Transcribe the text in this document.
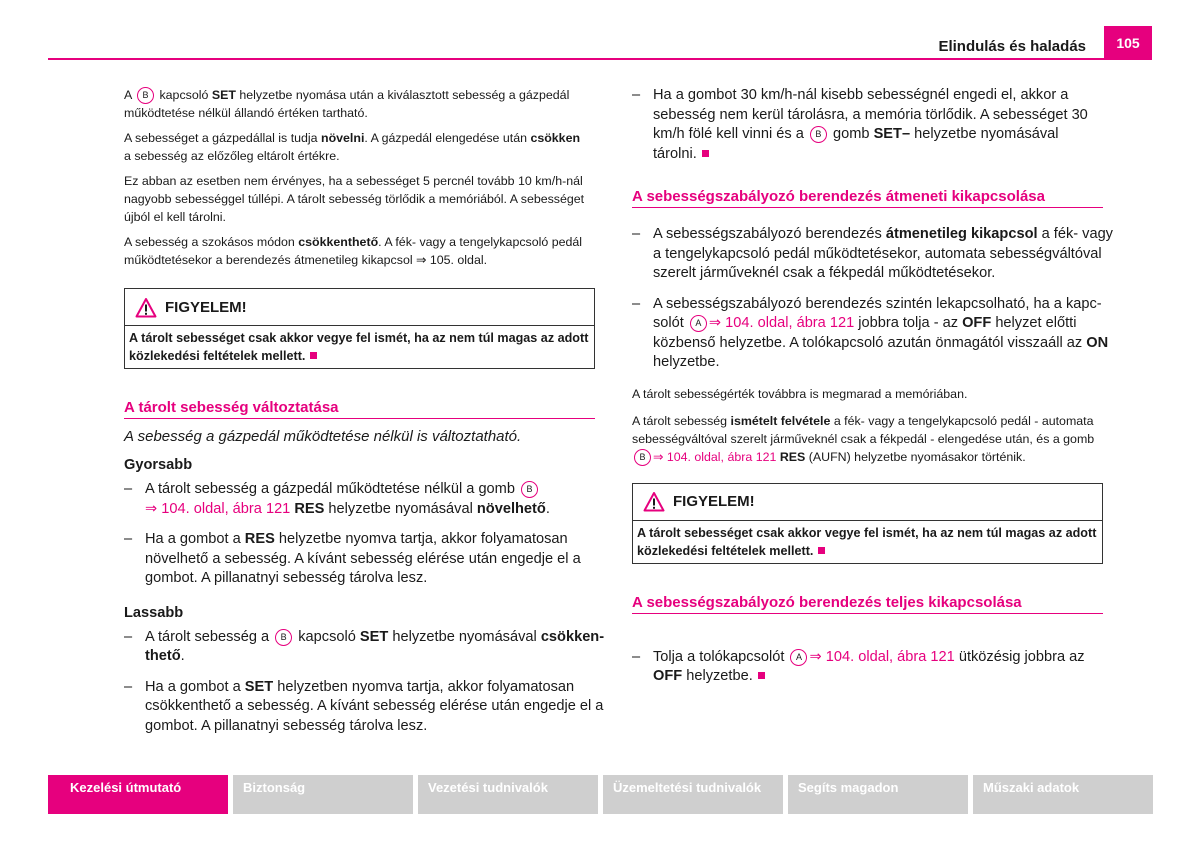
Elindulás és haladás	105

A B kapcsoló SET helyzetbe nyomása után a kiválasztott sebesség a gázpedál
működtetése nélkül állandó értéken tartható.

A sebességet a gázpedállal is tudja növelni. A gázpedál elengedése után csökken
a sebesség az előzőleg eltárolt értékre.

Ez abban az esetben nem érvényes, ha a sebességet 5 percnél tovább 10 km/h-nál
nagyobb sebességgel túllépi. A tárolt sebesség törlődik a memóriából. A sebességet
újból el kell tárolni.

A sebesség a szokásos módon csökkenthető. A fék- vagy a tengelykapcsoló pedál
működtetésekor a berendezés átmenetileg kikapcsol ⇒ 105. oldal.

FIGYELEM!
A tárolt sebességet csak akkor vegye fel ismét, ha az nem túl magas az adott
közlekedési feltételek mellett.
A tárolt sebesség változtatása
A sebesség a gázpedál működtetése nélkül is változtatható.
Gyorsabb
– A tárolt sebesség a gázpedál működtetése nélkül a gomb B
⇒ 104. oldal, ábra 121 RES helyzetbe nyomásával növelhető.
– Ha a gombot a RES helyzetbe nyomva tartja, akkor folyamatosan
növelhető a sebesség. A kívánt sebesség elérése után engedje el a
gombot. A pillanatnyi sebesség tárolva lesz.
Lassabb
– A tárolt sebesség a B kapcsoló SET helyzetbe nyomásával csökken-
thető.
– Ha a gombot a SET helyzetben nyomva tartja, akkor folyamatosan
csökkenthető a sebesség. A kívánt sebesség elérése után engedje el a
gombot. A pillanatnyi sebesség tárolva lesz.
– Ha a gombot 30 km/h-nál kisebb sebességnél engedi el, akkor a
sebesség nem kerül tárolásra, a memória törlődik. A sebességet 30
km/h fölé kell vinni és a B gomb SET– helyzetbe nyomásával
tárolni.
A sebességszabályozó berendezés átmeneti kikapcsolása
– A sebességszabályozó berendezés átmenetileg kikapcsol a fék- vagy
a tengelykapcsoló pedál működtetésekor, automata sebességváltóval
szerelt járműveknél csak a fékpedál működtetésekor.
– A sebességszabályozó berendezés szintén lekapcsolható, ha a kapc-
solót A ⇒ 104. oldal, ábra 121 jobbra tolja - az OFF helyzet előtti
közbenső helyzetbe. A tolókapcsoló azután önmagától visszaáll az ON
helyzetbe.

A tárolt sebességérték továbbra is megmarad a memóriában.

A tárolt sebesség ismételt felvétele a fék- vagy a tengelykapcsoló pedál - automata
sebességváltóval szerelt járműveknél csak a fékpedál - elengedése után, és a gomb
B ⇒ 104. oldal, ábra 121 RES (AUFN) helyzetbe nyomásakor történik.

FIGYELEM!
A tárolt sebességet csak akkor vegye fel ismét, ha az nem túl magas az adott
közlekedési feltételek mellett.
A sebességszabályozó berendezés teljes kikapcsolása
– Tolja a tolókapcsolót A ⇒ 104. oldal, ábra 121 ütközésig jobbra az
OFF helyzetbe.
Kezelési útmutató	Biztonság	Vezetési tudnivalók	Üzemeltetési tudnivalók	Segíts magadon	Műszaki adatok
